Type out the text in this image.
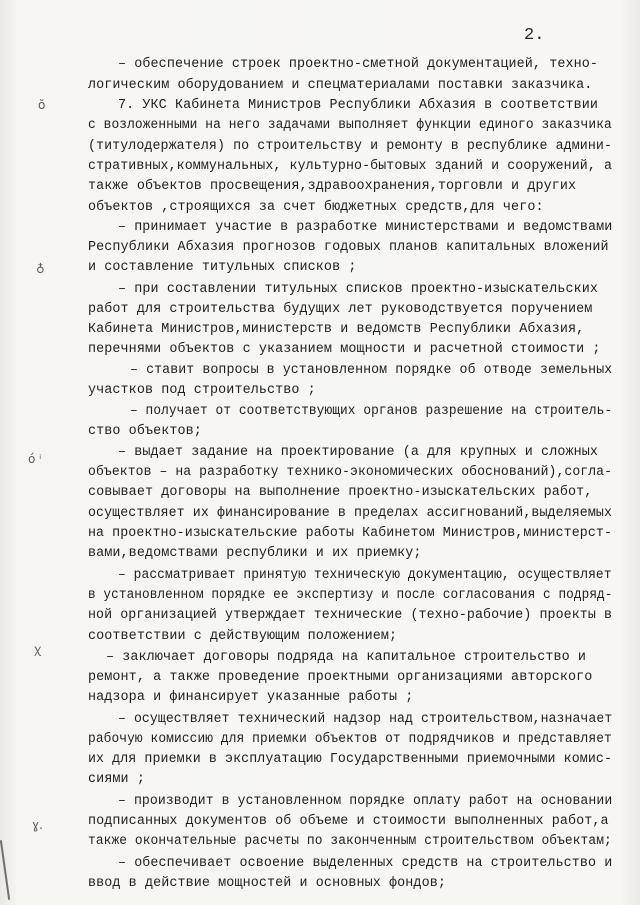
2.
ŏ
♁
ó ⁱ
ꭓ
ɣ.
– обеспечение строек проектно-сметной документацией, техно-
логическим оборудованием и спецматериалами поставки заказчика.
7. УКС Кабинета Министров Республики Абхазия в соответствии
с возложенными на него задачами выполняет функции единого заказчика
(титулодержателя) по строительству и ремонту в республике админи-
стративных,коммунальных, культурно-бытовых зданий и сооружений, а
также объектов просвещения,здравоохранения,торговли и других
объектов ,строящихся за счет бюджетных средств,для чего:
– принимает участие в разработке министерствами и ведомствами
Республики Абхазия прогнозов годовых планов капитальных вложений
и составление титульных списков ;
– при составлении титульных списков проектно-изыскательских
работ для строительства будущих лет руководствуется поручением
Кабинета Министров,министерств и ведомств Республики Абхазия,
перечнями объектов с указанием мощности и расчетной стоимости ;
– ставит вопросы в установленном порядке об отводе земельных
участков под строительство ;
– получает от соответствующих органов разрешение на строитель-
ство объектов;
– выдает задание на проектирование (а для крупных и сложных
объектов – на разработку технико-экономических обоснований),согла-
совывает договоры на выполнение проектно-изыскательских работ,
осуществляет их финансирование в пределах ассигнований,выделяемых
на проектно-изыскательские работы Кабинетом Министров,министерст-
вами,ведомствами республики и их приемку;
– рассматривает принятую техническую документацию, осуществляет
в установленном порядке ее экспертизу и после согласования с подряд-
ной организацией утверждает технические (техно-рабочие) проекты в
соответствии с действующим положением;
– заключает договоры подряда на капитальное строительство и
ремонт, а также проведение проектными организациями авторского
надзора и финансирует указанные работы ;
– осуществляет технический надзор над строительством,назначает
рабочую комиссию для приемки объектов от подрядчиков и представляет
их для приемки в эксплуатацию Государственными приемочными комис-
сиями ;
– производит в установленном порядке оплату работ на основании
подписанных документов об объеме и стоимости выполненных работ,а
также окончательные расчеты по законченным строительством объектам;
– обеспечивает освоение выделенных средств на строительство и
ввод в действие мощностей и основных фондов;
